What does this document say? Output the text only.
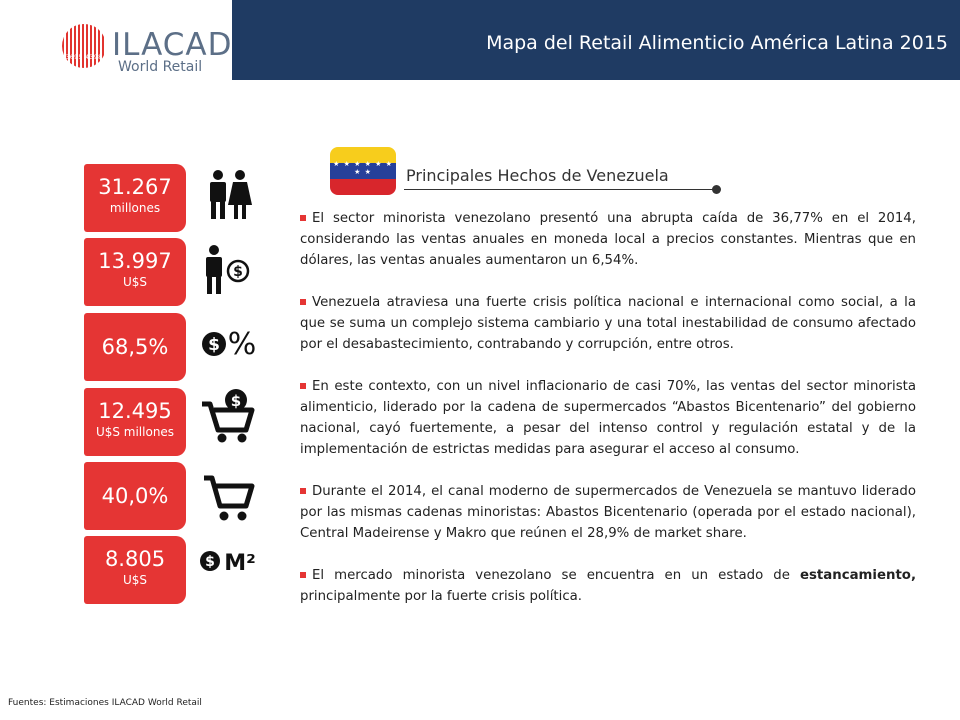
3695 4398 ILACAD
World Retail
Mapa del Retail Alimenticio América Latina 2015
31.267
millones
13.997
U$S
68,5%
12.495
U$S millones
40,0%
8.805
U$S
$
$ %
$
$ M²
★ ★ ★ ★ ★ ★ ★ ★	Principales Hechos de Venezuela
El sector minorista venezolano presentó una abrupta caída de 36,77% en el 2014, considerando las ventas anuales en moneda local a precios constantes. Mientras que en dólares, las ventas anuales aumentaron un 6,54%.
Venezuela atraviesa una fuerte crisis política nacional e internacional como social, a la que se suma un complejo sistema cambiario y una total inestabilidad de consumo afectado por el desabastecimiento, contrabando y corrupción, entre otros.
En este contexto, con un nivel inflacionario de casi 70%, las ventas del sector minorista alimenticio, liderado por la cadena de supermercados “Abastos Bicentenario” del gobierno nacional, cayó fuertemente, a pesar del intenso control y regulación estatal y de la implementación de estrictas medidas para asegurar el acceso al consumo.
Durante el 2014, el canal moderno de supermercados de Venezuela se mantuvo liderado por las mismas cadenas minoristas: Abastos Bicentenario (operada por el estado nacional), Central Madeirense y Makro que reúnen el 28,9% de market share.
El mercado minorista venezolano se encuentra en un estado de estancamiento, principalmente por la fuerte crisis política.
Fuentes: Estimaciones ILACAD World Retail
